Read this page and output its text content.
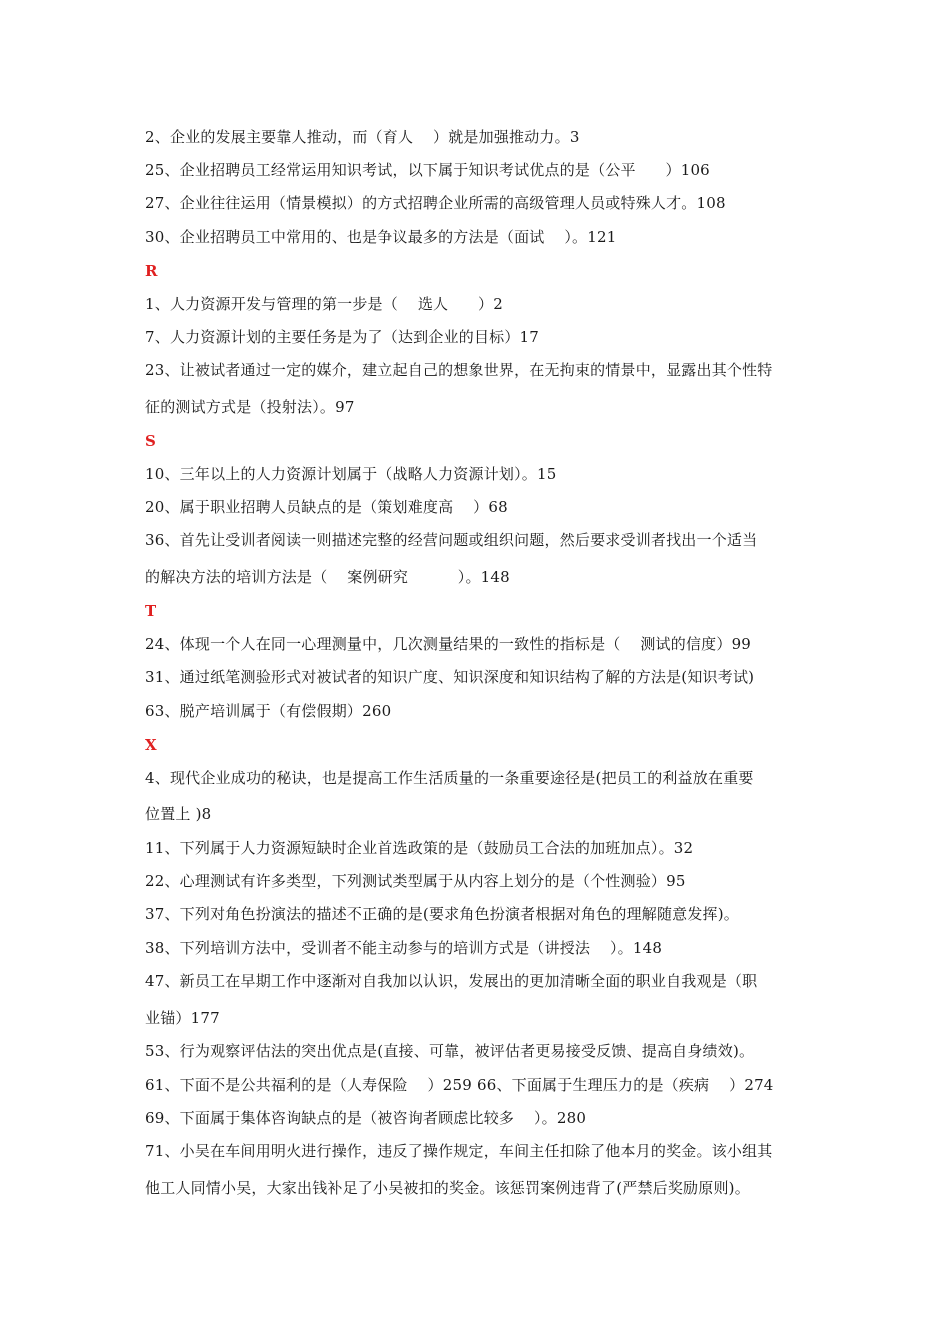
2、企业的发展主要靠人推动，而（育人    ）就是加强推动力。3
25、企业招聘员工经常运用知识考试，以下属于知识考试优点的是（公平      ）106
27、企业往往运用（情景模拟）的方式招聘企业所需的高级管理人员或特殊人才。108
30、企业招聘员工中常用的、也是争议最多的方法是（面试    ）。121
R
1、人力资源开发与管理的第一步是（    选人      ）2
7、人力资源计划的主要任务是为了（达到企业的目标）17
23、让被试者通过一定的媒介，建立起自己的想象世界，在无拘束的情景中，显露出其个性特
征的测试方式是（投射法）。97
S
10、三年以上的人力资源计划属于（战略人力资源计划）。15
20、属于职业招聘人员缺点的是（策划难度高    ）68
36、首先让受训者阅读一则描述完整的经营问题或组织问题，然后要求受训者找出一个适当
的解决方法的培训方法是（    案例研究          ）。148
T
24、体现一个人在同一心理测量中，几次测量结果的一致性的指标是（    测试的信度）99
31、通过纸笔测验形式对被试者的知识广度、知识深度和知识结构了解的方法是(知识考试)
63、脱产培训属于（有偿假期）260
X
4、现代企业成功的秘诀，也是提高工作生活质量的一条重要途径是(把员工的利益放在重要
位置上 )8
11、下列属于人力资源短缺时企业首选政策的是（鼓励员工合法的加班加点）。32
22、心理测试有许多类型，下列测试类型属于从内容上划分的是（个性测验）95
37、下列对角色扮演法的描述不正确的是(要求角色扮演者根据对角色的理解随意发挥)。
38、下列培训方法中，受训者不能主动参与的培训方式是（讲授法    ）。148
47、新员工在早期工作中逐渐对自我加以认识，发展出的更加清晰全面的职业自我观是（职
业锚）177
53、行为观察评估法的突出优点是(直接、可靠，被评估者更易接受反馈、提高自身绩效)。
61、下面不是公共福利的是（人寿保险    ）259 66、下面属于生理压力的是（疾病    ）274
69、下面属于集体咨询缺点的是（被咨询者顾虑比较多    ）。280
71、小吴在车间用明火进行操作，违反了操作规定，车间主任扣除了他本月的奖金。该小组其
他工人同情小吴，大家出钱补足了小吴被扣的奖金。该惩罚案例违背了(严禁后奖励原则)。
